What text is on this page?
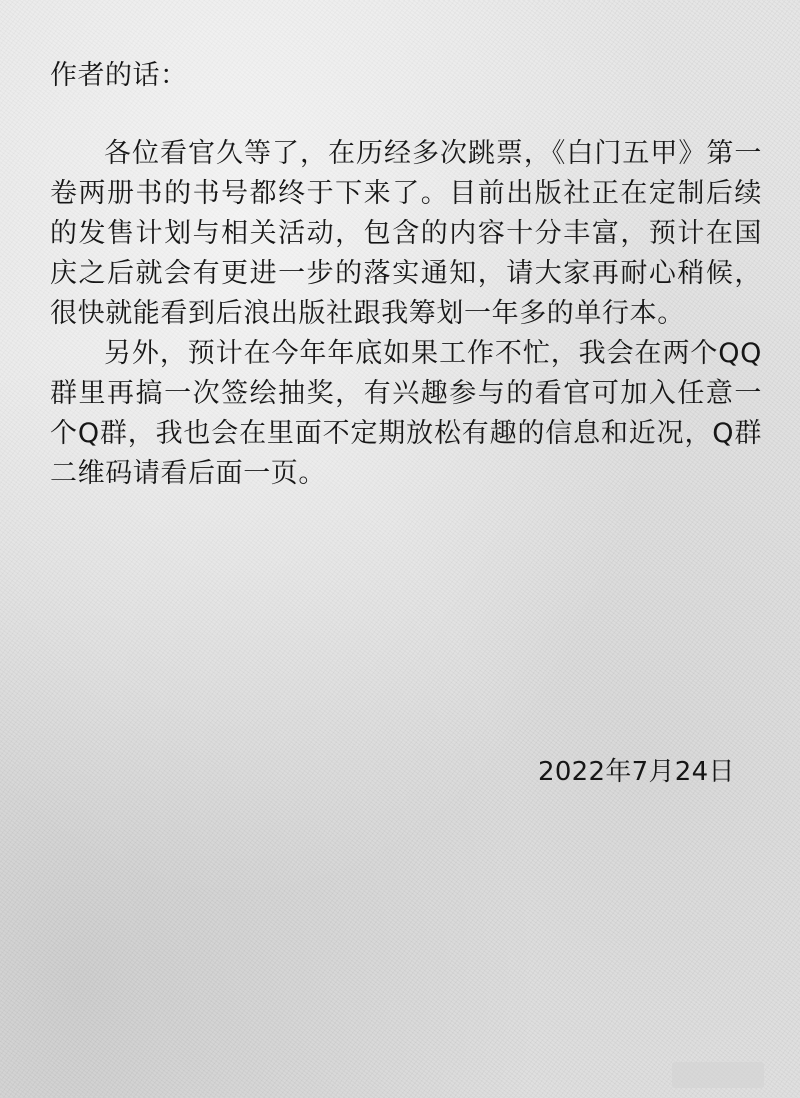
作者的话：

各位看官久等了，在历经多次跳票，《白门五甲》第一卷两册书的书号都终于下来了。目前出版社正在定制后续的发售计划与相关活动，包含的内容十分丰富，预计在国庆之后就会有更进一步的落实通知，请大家再耐心稍候，很快就能看到后浪出版社跟我筹划一年多的单行本。

另外，预计在今年年底如果工作不忙，我会在两个QQ群里再搞一次签绘抽奖，有兴趣参与的看官可加入任意一个Q群，我也会在里面不定期放松有趣的信息和近况，Q群二维码请看后面一页。

2022年7月24日
